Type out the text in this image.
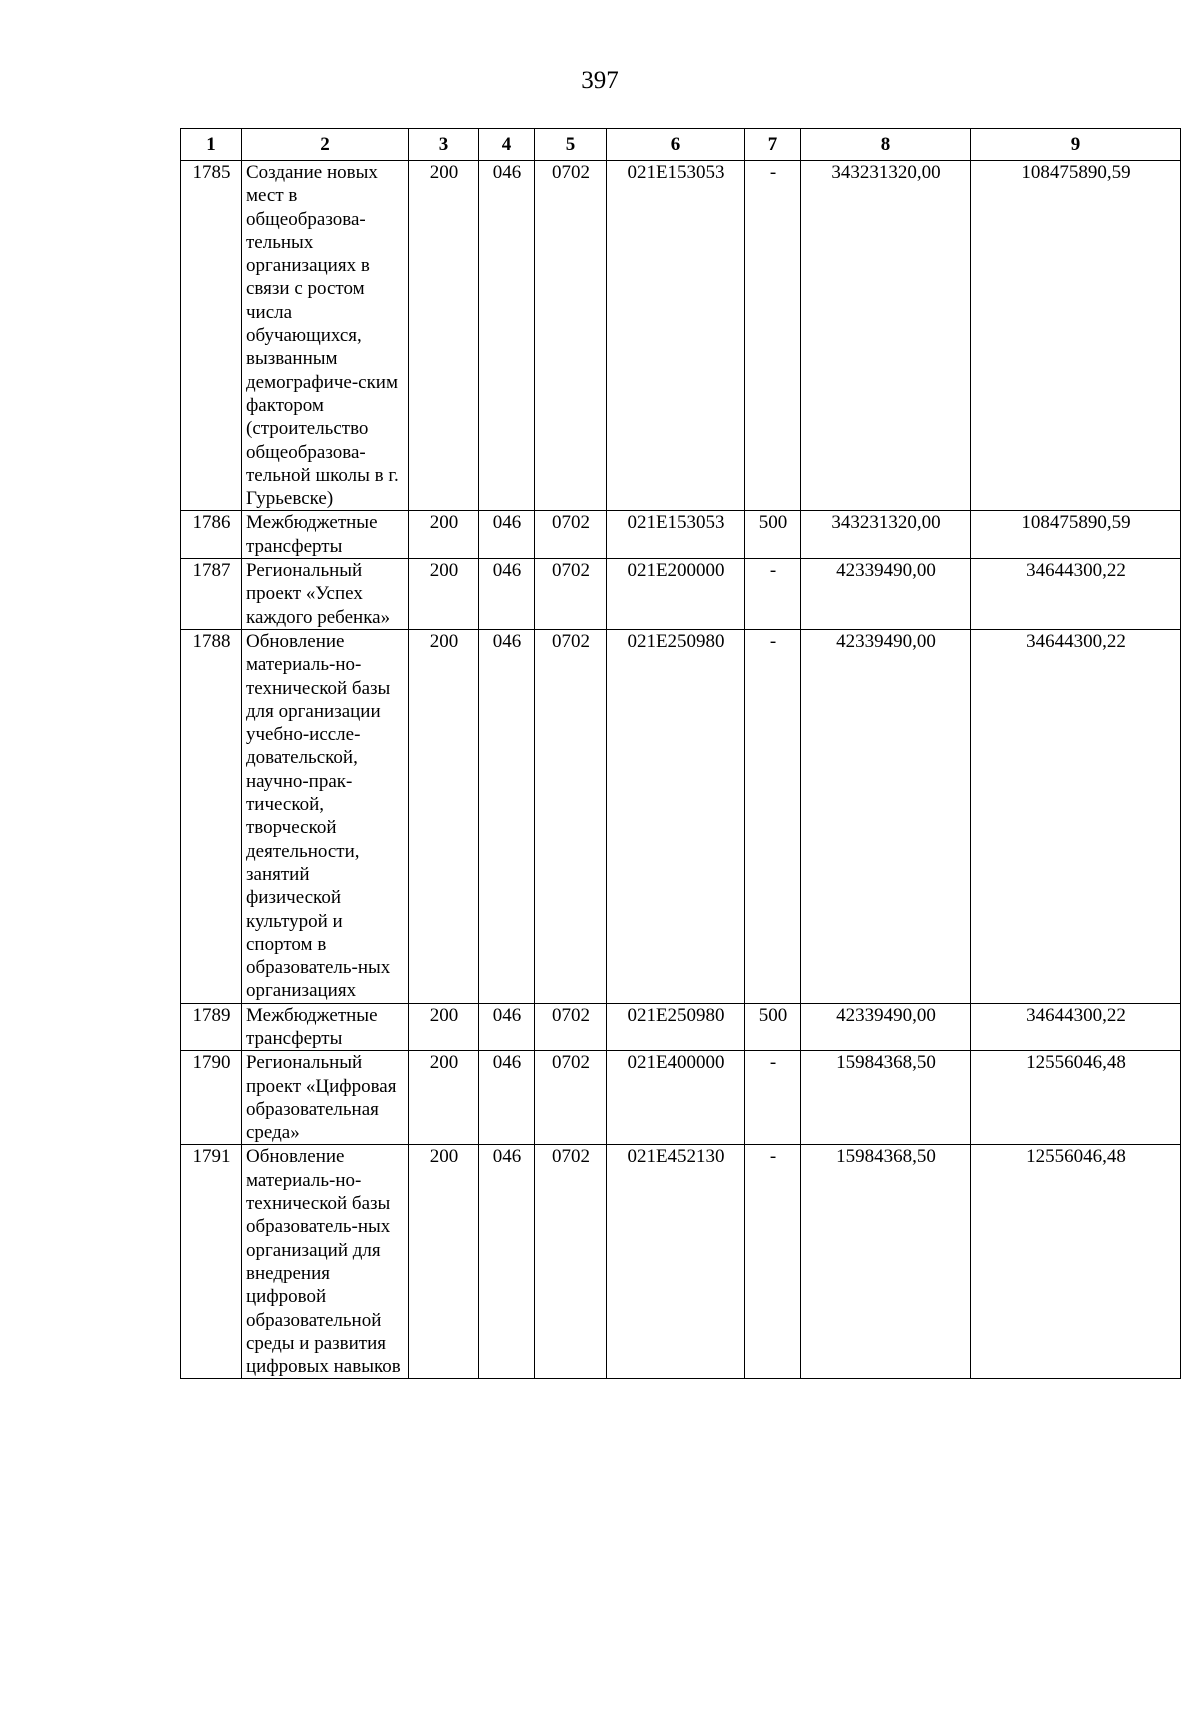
397
1	2	3	4	5	6	7	8	9
1785	Создание новых мест в общеобразова-тельных организациях в связи с ростом числа обучающихся, вызванным демографиче-ским фактором (строительство общеобразова-тельной школы в г. Гурьевске)	200	046	0702	021Е153053	-	343231320,00	108475890,59
1786	Межбюджетные трансферты	200	046	0702	021Е153053	500	343231320,00	108475890,59
1787	Региональный проект «Успех каждого ребенка»	200	046	0702	021Е200000	-	42339490,00	34644300,22
1788	Обновление материаль-но-технической базы для организации учебно-иссле-довательской, научно-прак-тической, творческой деятельности, занятий физической культурой и спортом в образователь-ных организациях	200	046	0702	021Е250980	-	42339490,00	34644300,22
1789	Межбюджетные трансферты	200	046	0702	021Е250980	500	42339490,00	34644300,22
1790	Региональный проект «Цифровая образовательная среда»	200	046	0702	021Е400000	-	15984368,50	12556046,48
1791	Обновление материаль-но-технической базы образователь-ных организаций для внедрения цифровой образовательной среды и развития цифровых навыков	200	046	0702	021Е452130	-	15984368,50	12556046,48
